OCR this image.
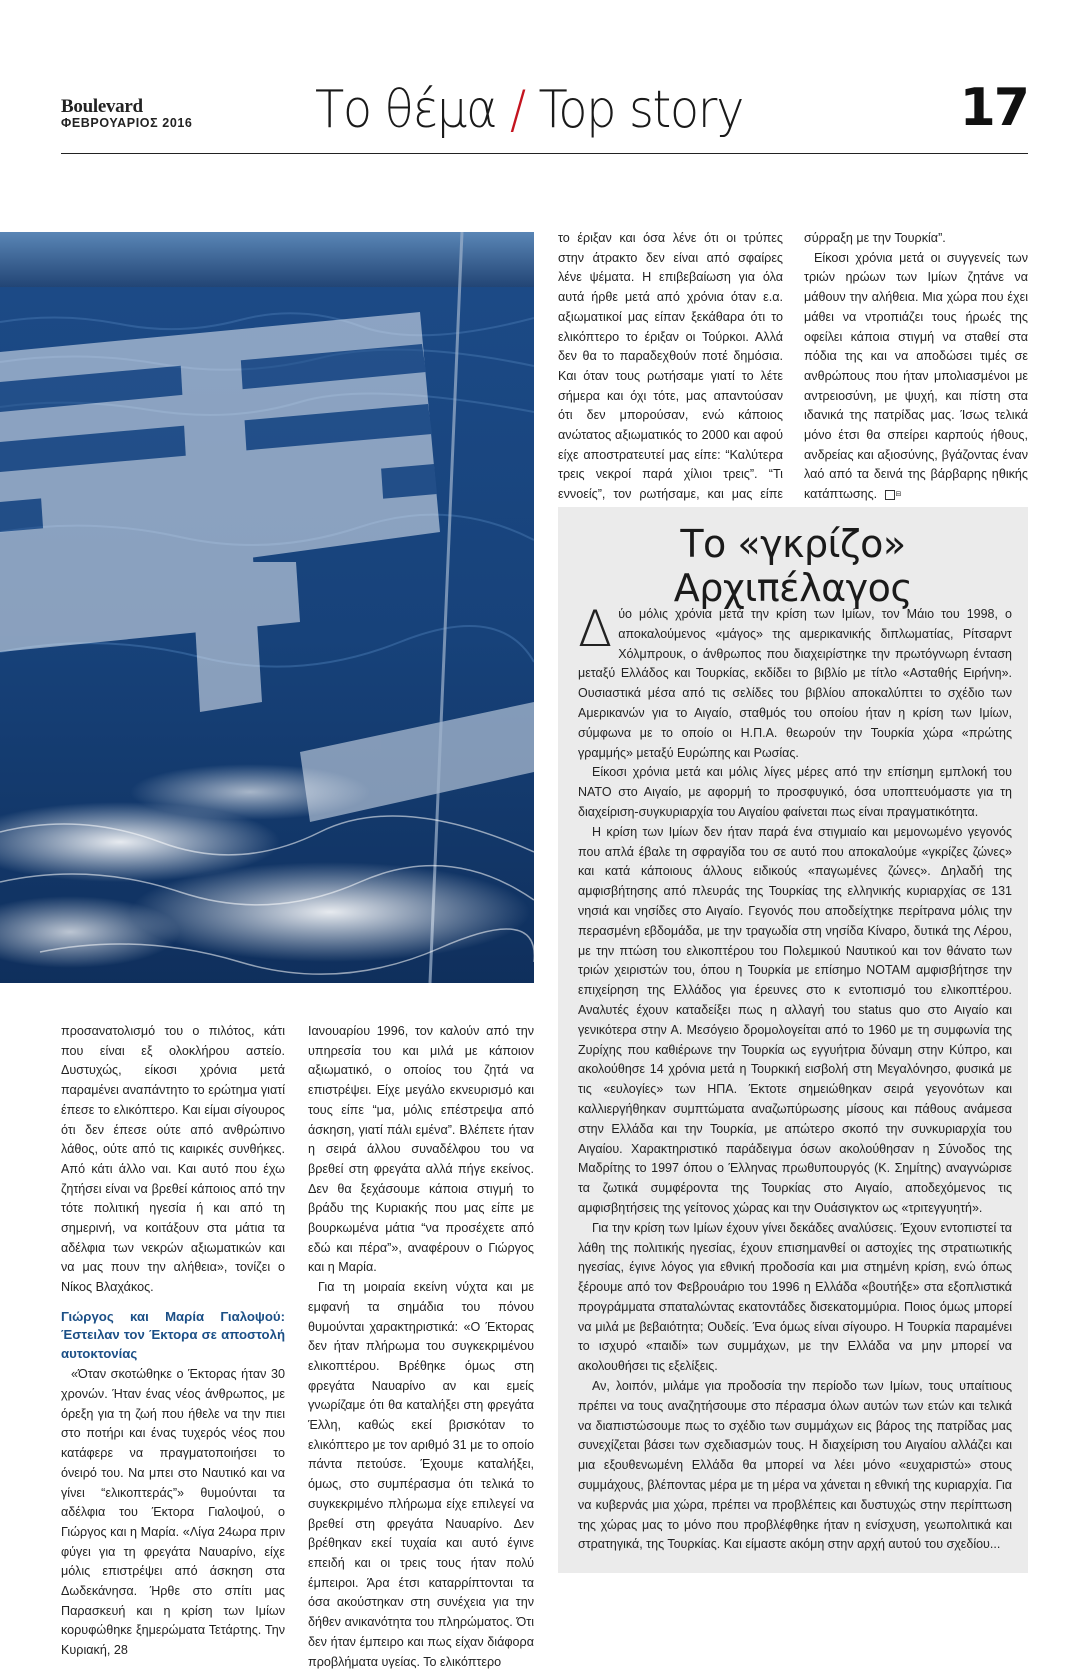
Boulevard
ΦΕΒΡΟΥΑΡΙΟΣ 2016 Το θέμα / Top story	17

το έριξαν και όσα λένε ότι οι τρύπες στην άτρακτο δεν είναι από σφαίρες λένε ψέματα. Η επιβεβαίωση για όλα αυτά ήρθε μετά από χρόνια όταν ε.α. αξιωματικοί μας είπαν ξεκάθαρα ότι το ελικόπτερο το έριξαν οι Τούρκοι. Αλλά δεν θα το παραδεχθούν ποτέ δημόσια. Και όταν τους ρωτήσαμε γιατί το λέτε σήμερα και όχι τότε, μας απαντούσαν ότι δεν μπορούσαν, ενώ κάποιος ανώτατος αξιωματικός το 2000 και αφού είχε αποστρατευτεί μας είπε: “Καλύτερα τρεις νεκροί παρά χίλιοι τρεις”. “Τι εννοείς”, τον ρωτήσαμε, και μας είπε

σύρραξη με την Τουρκία”.

Είκοσι χρόνια μετά οι συγγενείς των τριών ηρώων των Ιμίων ζητάνε να μάθουν την αλήθεια. Μια χώρα που έχει μάθει να ντροπιάζει τους ήρωές της οφείλει κάποια στιγμή να σταθεί στα πόδια της και να αποδώσει τιμές σε ανθρώπους που ήταν μπολιασμένοι με αντρειοσύνη, με ψυχή, και πίστη στα ιδανικά της πατρίδας μας. Ίσως τελικά μόνο έτσι θα σπείρει καρπούς ήθους, ανδρείας και αξιοσύνης, βγάζοντας έναν λαό από τα δεινά της βάρβαρης ηθικής κατάπτωσης.	⊟

προσανατολισμό του ο πιλότος, κάτι που είναι εξ ολοκλήρου αστείο. Δυστυχώς, είκοσι χρόνια μετά παραμένει αναπάντητο το ερώτημα γιατί έπεσε το ελικόπτερο. Και είμαι σίγουρος ότι δεν έπεσε ούτε από ανθρώπινο λάθος, ούτε από τις καιρικές συνθήκες. Από κάτι άλλο ναι. Και αυτό που έχω ζητήσει είναι να βρεθεί κάποιος από την τότε πολιτική ηγεσία ή και από τη σημερινή, να κοιτάξουν στα μάτια τα αδέλφια των νεκρών αξιωματικών και να μας πουν την αλήθεια», τονίζει ο Νίκος Βλαχάκος.

Γιώργος και Μαρία Γιαλοψού: Έστειλαν τον Έκτορα σε αποστολή αυτοκτονίας

«Όταν σκοτώθηκε ο Έκτορας ήταν 30 χρονών. Ήταν ένας νέος άνθρωπος, με όρεξη για τη ζωή που ήθελε να την πιει στο ποτήρι και ένας τυχερός νέος που κατάφερε να πραγματοποιήσει το όνειρό του. Να μπει στο Ναυτικό και να γίνει “ελικοπτεράς”» θυμούνται τα αδέλφια του Έκτορα Γιαλοψού, ο Γιώργος και η Μαρία. «Λίγα 24ωρα πριν φύγει για τη φρεγάτα Ναυαρίνο, είχε μόλις επιστρέψει από άσκηση στα Δωδεκάνησα. Ήρθε στο σπίτι μας Παρασκευή και η κρίση των Ιμίων κορυφώθηκε ξημερώματα Τετάρτης. Την Κυριακή, 28

Ιανουαρίου 1996, τον καλούν από την υπηρεσία του και μιλά με κάποιον αξιωματικό, ο οποίος του ζητά να επιστρέψει. Είχε μεγάλο εκνευρισμό και τους είπε “μα, μόλις επέστρεψα από άσκηση, γιατί πάλι εμένα”. Βλέπετε ήταν η σειρά άλλου συναδέλφου του να βρεθεί στη φρεγάτα αλλά πήγε εκείνος. Δεν θα ξεχάσουμε κάποια στιγμή το βράδυ της Κυριακής που μας είπε με βουρκωμένα μάτια “να προσέχετε από εδώ και πέρα”», αναφέρουν ο Γιώργος και η Μαρία.

Για τη μοιραία εκείνη νύχτα και με εμφανή τα σημάδια του πόνου θυμούνται χαρακτηριστικά: «Ο Έκτορας δεν ήταν πλήρωμα του συγκεκριμένου ελικοπτέρου. Βρέθηκε όμως στη φρεγάτα Ναυαρίνο αν και εμείς γνωρίζαμε ότι θα καταλήξει στη φρεγάτα Έλλη, καθώς εκεί βρισκόταν το ελικόπτερο με τον αριθμό 31 με το οποίο πάντα πετούσε. Έχουμε καταλήξει, όμως, στο συμπέρασμα ότι τελικά το συγκεκριμένο πλήρωμα είχε επιλεγεί να βρεθεί στη φρεγάτα Ναυαρίνο. Δεν βρέθηκαν εκεί τυχαία και αυτό έγινε επειδή και οι τρεις τους ήταν πολύ έμπειροι. Άρα έτσι καταρρίπτονται τα όσα ακούστηκαν στη συνέχεια για την δήθεν ανικανότητα του πληρώματος. Ότι δεν ήταν έμπειρο και πως είχαν διάφορα προβλήματα υγείας. Το ελικόπτερο

Το «γκρίζο» Αρχιπέλαγος

Δύο μόλις χρόνια μετά την κρίση των Ιμίων, τον Μάιο του 1998, ο αποκαλούμενος «μάγος» της αμερικανικής διπλωματίας, Ρίτσαρντ Χόλμπρουκ, ο άνθρωπος που διαχειρίστηκε την πρωτόγνωρη ένταση μεταξύ Ελλάδος και Τουρκίας, εκδίδει το βιβλίο με τίτλο «Ασταθής Ειρήνη». Ουσιαστικά μέσα από τις σελίδες του βιβλίου αποκαλύπτει το σχέδιο των Αμερικανών για το Αιγαίο, σταθμός του οποίου ήταν η κρίση των Ιμίων, σύμφωνα με το οποίο οι Η.Π.Α. θεωρούν την Τουρκία χώρα «πρώτης γραμμής» μεταξύ Ευρώπης και Ρωσίας.

Είκοσι χρόνια μετά και μόλις λίγες μέρες από την επίσημη εμπλοκή του ΝΑΤΟ στο Αιγαίο, με αφορμή το προσφυγικό, όσα υποπτευόμαστε για τη διαχείριση-συγκυριαρχία του Αιγαίου φαίνεται πως είναι πραγματικότητα.

Η κρίση των Ιμίων δεν ήταν παρά ένα στιγμιαίο και μεμονωμένο γεγονός που απλά έβαλε τη σφραγίδα του σε αυτό που αποκαλούμε «γκρίζες ζώνες» και κατά κάποιους άλλους ειδικούς «παγωμένες ζώνες». Δηλαδή της αμφισβήτησης από πλευράς της Τουρκίας της ελληνικής κυριαρχίας σε 131 νησιά και νησίδες στο Αιγαίο. Γεγονός που αποδείχτηκε περίτρανα μόλις την περασμένη εβδομάδα, με την τραγωδία στη νησίδα Κίναρο, δυτικά της Λέρου, με την πτώση του ελικοπτέρου του Πολεμικού Ναυτικού και τον θάνατο των τριών χειριστών του, όπου η Τουρκία με επίσημο NOTAM αμφισβήτησε την επιχείρηση της Ελλάδος για έρευνες στο κ εντοπισμό του ελικοπτέρου. Αναλυτές έχουν καταδείξει πως η αλλαγή του status quo στο Αιγαίο και γενικότερα στην Α. Μεσόγειο δρομολογείται από το 1960 με τη συμφωνία της Ζυρίχης που καθιέρωνε την Τουρκία ως εγγυήτρια δύναμη στην Κύπρο, και ακολούθησε 14 χρόνια μετά η Τουρκική εισβολή στη Μεγαλόνησο, φυσικά με τις «ευλογίες» των ΗΠΑ. Έκτοτε σημειώθηκαν σειρά γεγονότων και καλλιεργήθηκαν συμπτώματα αναζωπύρωσης μίσους και πάθους ανάμεσα στην Ελλάδα και την Τουρκία, με απώτερο σκοπό την συνκυριαρχία του Αιγαίου. Χαρακτηριστικό παράδειγμα όσων ακολούθησαν η Σύνοδος της Μαδρίτης το 1997 όπου ο Έλληνας πρωθυπουργός (Κ. Σημίτης) αναγνώρισε τα ζωτικά συμφέροντα της Τουρκίας στο Αιγαίο, αποδεχόμενος τις αμφισβητήσεις της γείτονος χώρας και την Ουάσιγκτον ως «τριτεγγυητή».

Για την κρίση των Ιμίων έχουν γίνει δεκάδες αναλύσεις. Έχουν εντοπιστεί τα λάθη της πολιτικής ηγεσίας, έχουν επισημανθεί οι αστοχίες της στρατιωτικής ηγεσίας, έγινε λόγος για εθνική προδοσία και μια στημένη κρίση, ενώ όπως ξέρουμε από τον Φεβρουάριο του 1996 η Ελλάδα «βουτήξε» στα εξοπλιστικά προγράμματα σπαταλώντας εκατοντάδες δισεκατομμύρια. Ποιος όμως μπορεί να μιλά με βεβαιότητα; Ουδείς. Ένα όμως είναι σίγουρο. Η Τουρκία παραμένει το ισχυρό «παιδί» των συμμάχων, με την Ελλάδα να μην μπορεί να ακολουθήσει τις εξελίξεις.

Αν, λοιπόν, μιλάμε για προδοσία την περίοδο των Ιμίων, τους υπαίτιους πρέπει να τους αναζητήσουμε στο πέρασμα όλων αυτών των ετών και τελικά να διαπιστώσουμε πως το σχέδιο των συμμάχων εις βάρος της πατρίδας μας συνεχίζεται βάσει των σχεδιασμών τους. Η διαχείριση του Αιγαίου αλλάζει και μια εξουθενωμένη Ελλάδα θα μπορεί να λέει μόνο «ευχαριστώ» στους συμμάχους, βλέποντας μέρα με τη μέρα να χάνεται η εθνική της κυριαρχία. Για να κυβερνάς μια χώρα, πρέπει να προβλέπεις και δυστυχώς στην περίπτωση της χώρας μας το μόνο που προβλέφθηκε ήταν η ενίσχυση, γεωπολιτικά και στρατηγικά, της Τουρκίας. Και είμαστε ακόμη στην αρχή αυτού του σχεδίου...
